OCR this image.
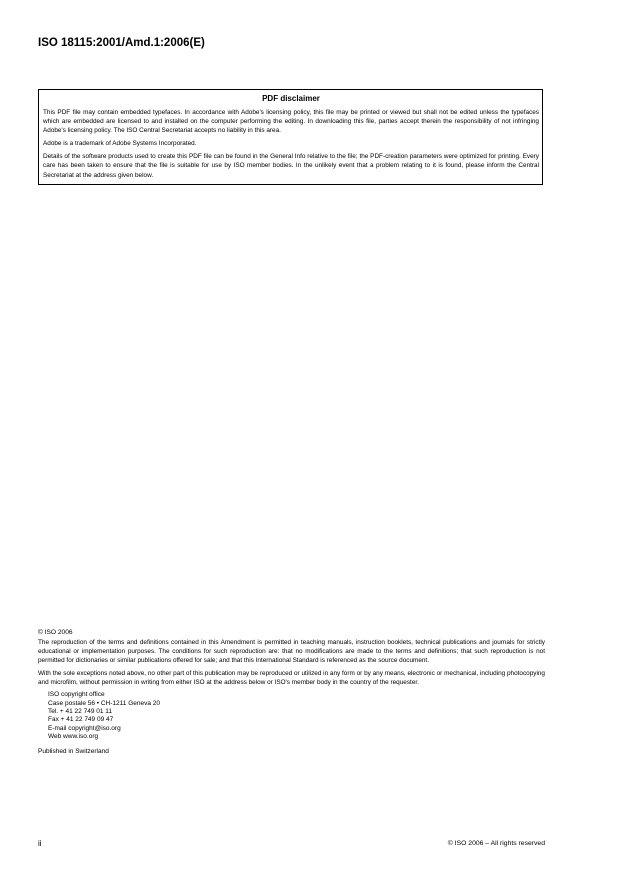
ISO 18115:2001/Amd.1:2006(E)
PDF disclaimer

This PDF file may contain embedded typefaces. In accordance with Adobe's licensing policy, this file may be printed or viewed but shall not be edited unless the typefaces which are embedded are licensed to and installed on the computer performing the editing. In downloading this file, parties accept therein the responsibility of not infringing Adobe's licensing policy. The ISO Central Secretariat accepts no liability in this area.

Adobe is a trademark of Adobe Systems Incorporated.

Details of the software products used to create this PDF file can be found in the General Info relative to the file; the PDF-creation parameters were optimized for printing. Every care has been taken to ensure that the file is suitable for use by ISO member bodies. In the unlikely event that a problem relating to it is found, please inform the Central Secretariat at the address given below.

© ISO 2006

The reproduction of the terms and definitions contained in this Amendment is permitted in teaching manuals, instruction booklets, technical publications and journals for strictly educational or implementation purposes. The conditions for such reproduction are: that no modifications are made to the terms and definitions; that such reproduction is not permitted for dictionaries or similar publications offered for sale; and that this International Standard is referenced as the source document.

With the sole exceptions noted above, no other part of this publication may be reproduced or utilized in any form or by any means, electronic or mechanical, including photocopying and microfilm, without permission in writing from either ISO at the address below or ISO's member body in the country of the requester.

ISO copyright office
Case postale 56 • CH-1211 Geneva 20
Tel. + 41 22 749 01 11
Fax + 41 22 749 09 47
E-mail copyright@iso.org
Web www.iso.org
Published in Switzerland
ii	© ISO 2006 – All rights reserved
